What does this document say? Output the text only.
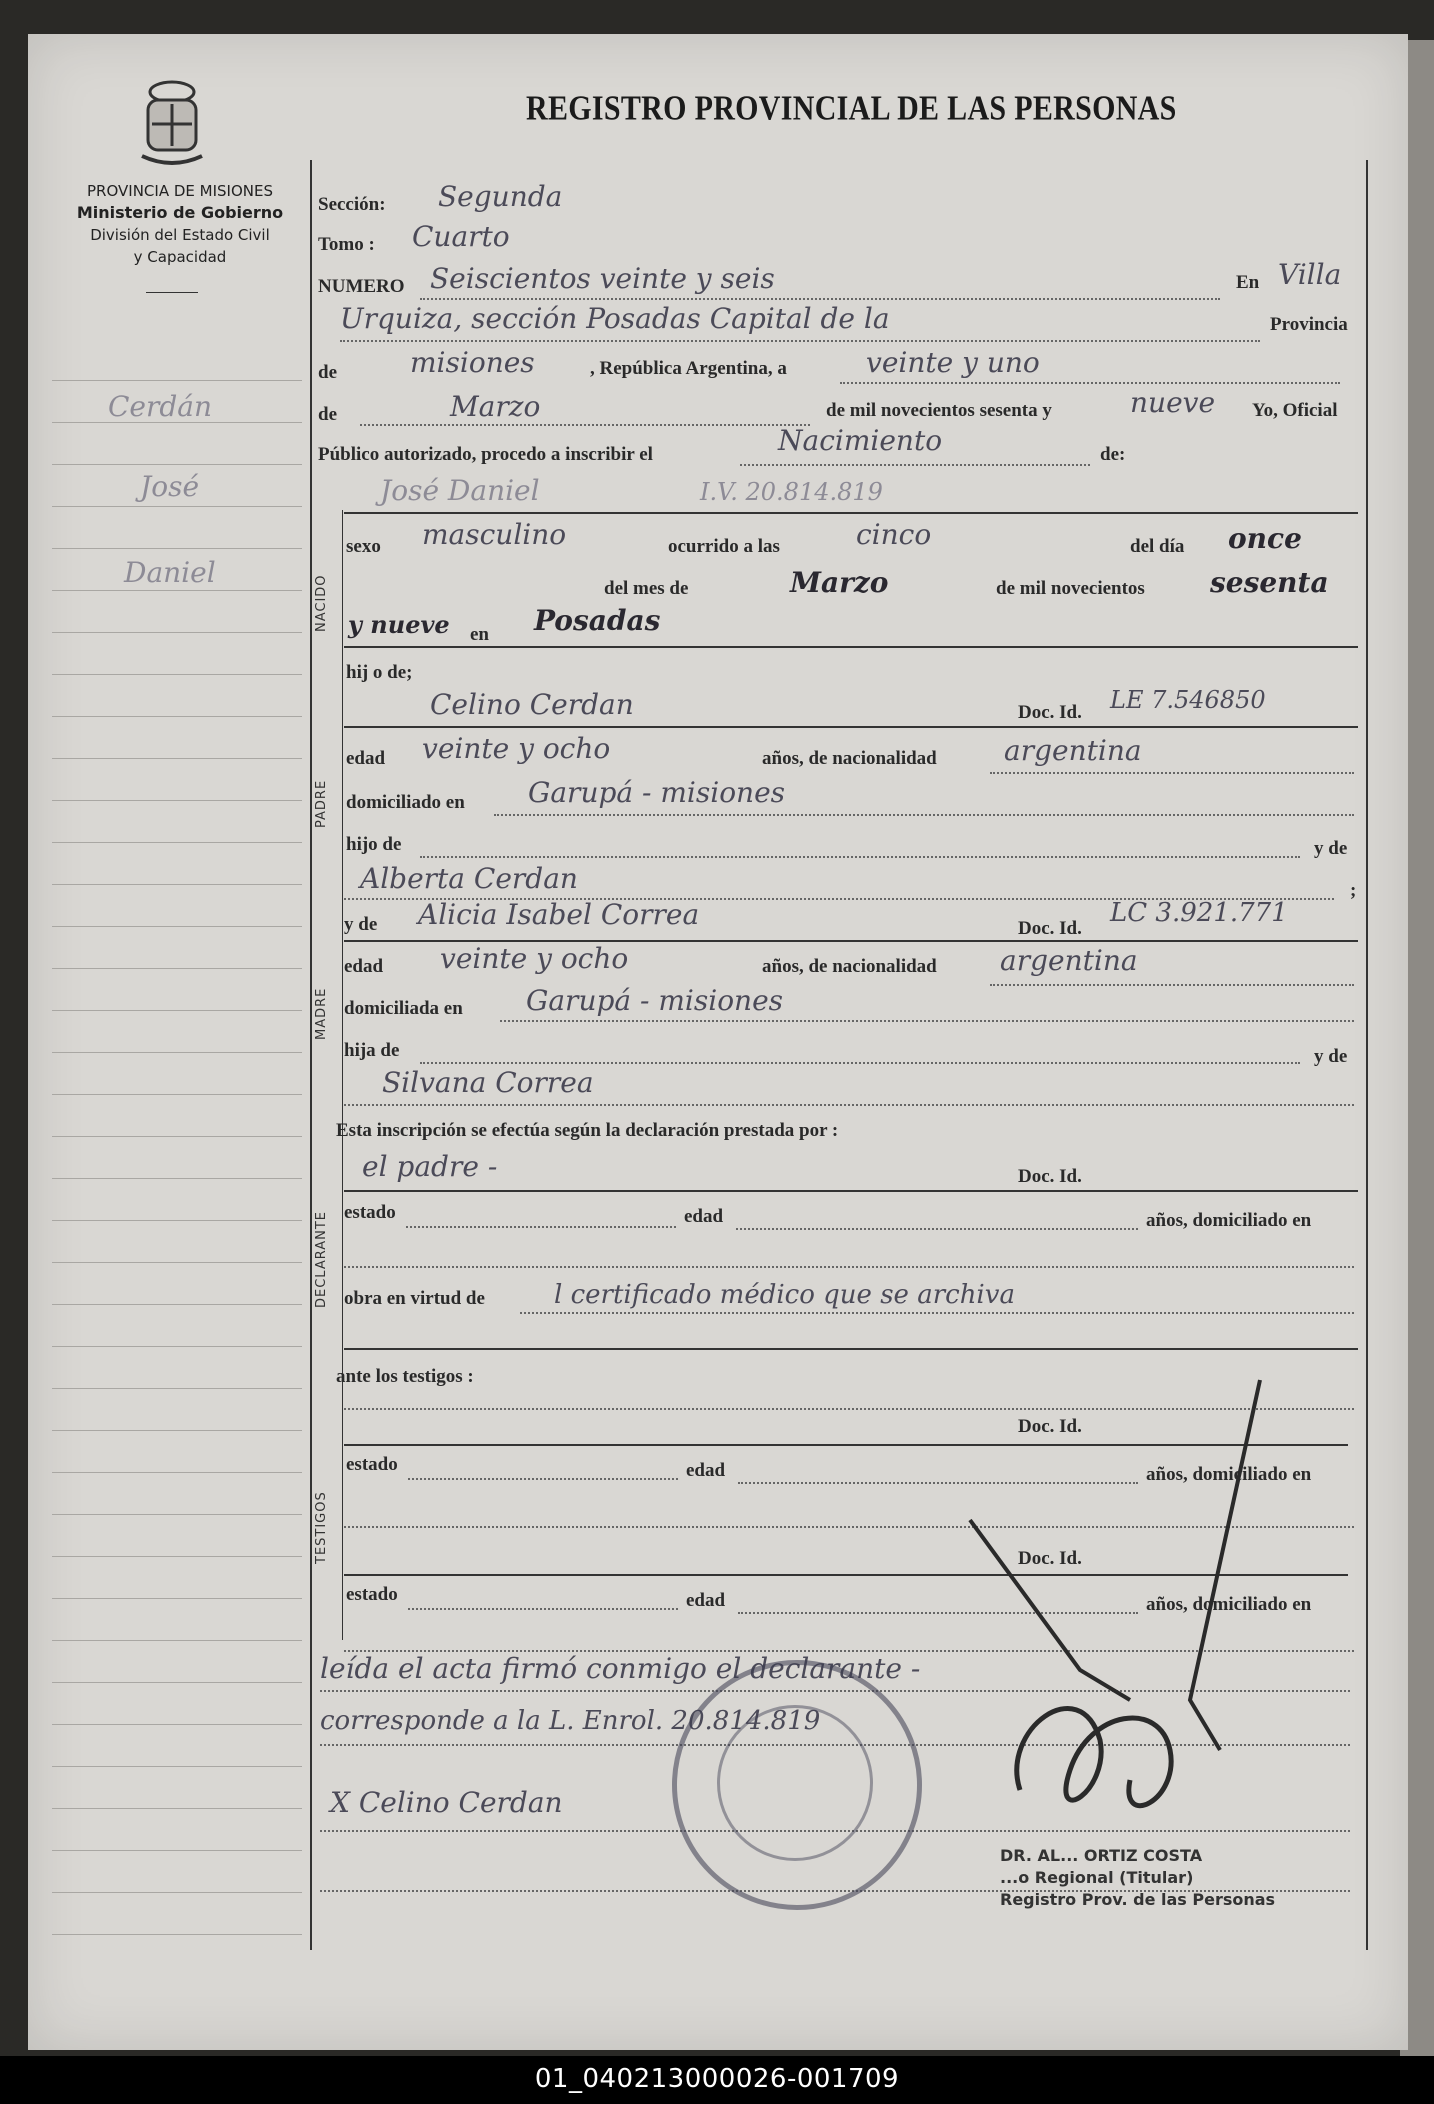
PROVINCIA DE MISIONES
Ministerio de Gobierno
División del Estado Civil
y Capacidad
REGISTRO PROVINCIAL DE LAS PERSONAS
Cerdán
José
Daniel
Sección: Segunda
Tomo : Cuarto
NUMERO Seiscientos veinte y seis	En Villa
Urquiza, sección Posadas Capital de la	Provincia
de	misiones	, República Argentina, a	veinte y uno
de	Marzo	de mil novecientos sesenta y	nueve Yo, Oficial
Público autorizado, procedo a inscribir el	Nacimiento	de:
José Daniel	I.V. 20.814.819
NACIDO
sexo masculino	ocurrido a las	cinco	del día once
del mes de	Marzo	de mil novecientos sesenta
y nueve en Posadas
hij o de;
PADRE
Celino Cerdan	Doc. Id. LE 7.546850
edad veinte y ocho	años, de nacionalidad argentina
domiciliado en Garupá - misiones
hijo de	y de
Alberta Cerdan	;
y de
MADRE
Alicia Isabel Correa	Doc. Id.
LC 3.921.771
edad veinte y ocho	años, de nacionalidad argentina
domiciliada en Garupá - misiones
hija de	y de
Silvana Correa
Esta inscripción se efectúa según la declaración prestada por :
DECLARANTE
el padre -	Doc. Id.
estado	edad	años, domiciliado en
obra en virtud de	l certificado médico que se archiva
ante los testigos :
TESTIGOS
Doc. Id.
estado	edad	años, domiciliado en
Doc. Id.
estado	edad	años, domiciliado en
leída el acta firmó conmigo el declarante -
corresponde a la L. Enrol. 20.814.819
X Celino Cerdan
DR. AL... ORTIZ COSTA
...o Regional (Titular)
Registro Prov. de las Personas
01_040213000026-001709
